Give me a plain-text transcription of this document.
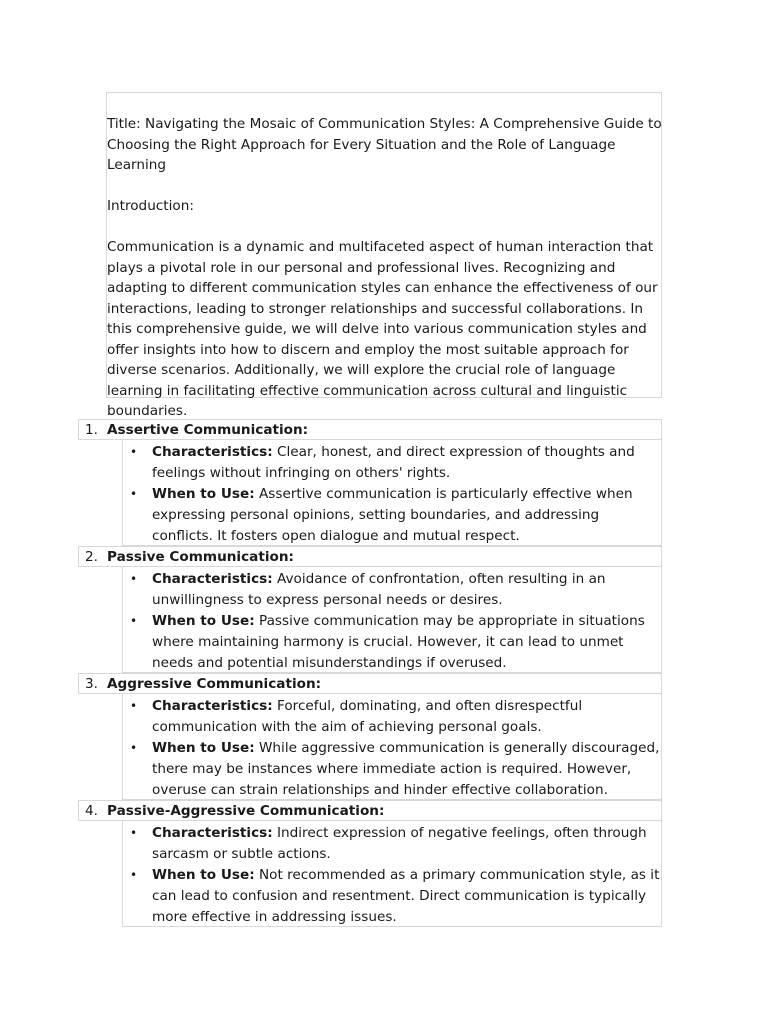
Title: Navigating the Mosaic of Communication Styles: A Comprehensive Guide to Choosing the Right Approach for Every Situation and the Role of Language Learning

Introduction:

Communication is a dynamic and multifaceted aspect of human interaction that plays a pivotal role in our personal and professional lives. Recognizing and adapting to different communication styles can enhance the effectiveness of our interactions, leading to stronger relationships and successful collaborations. In this comprehensive guide, we will delve into various communication styles and offer insights into how to discern and employ the most suitable approach for diverse scenarios. Additionally, we will explore the crucial role of language learning in facilitating effective communication across cultural and linguistic boundaries.

1. Assertive Communication:
• Characteristics: Clear, honest, and direct expression of thoughts and feelings without infringing on others' rights.
• When to Use: Assertive communication is particularly effective when expressing personal opinions, setting boundaries, and addressing conflicts. It fosters open dialogue and mutual respect.
2. Passive Communication:
• Characteristics: Avoidance of confrontation, often resulting in an unwillingness to express personal needs or desires.
• When to Use: Passive communication may be appropriate in situations where maintaining harmony is crucial. However, it can lead to unmet needs and potential misunderstandings if overused.
3. Aggressive Communication:
• Characteristics: Forceful, dominating, and often disrespectful communication with the aim of achieving personal goals.
• When to Use: While aggressive communication is generally discouraged, there may be instances where immediate action is required. However, overuse can strain relationships and hinder effective collaboration.
4. Passive-Aggressive Communication:
• Characteristics: Indirect expression of negative feelings, often through sarcasm or subtle actions.
• When to Use: Not recommended as a primary communication style, as it can lead to confusion and resentment. Direct communication is typically more effective in addressing issues.
